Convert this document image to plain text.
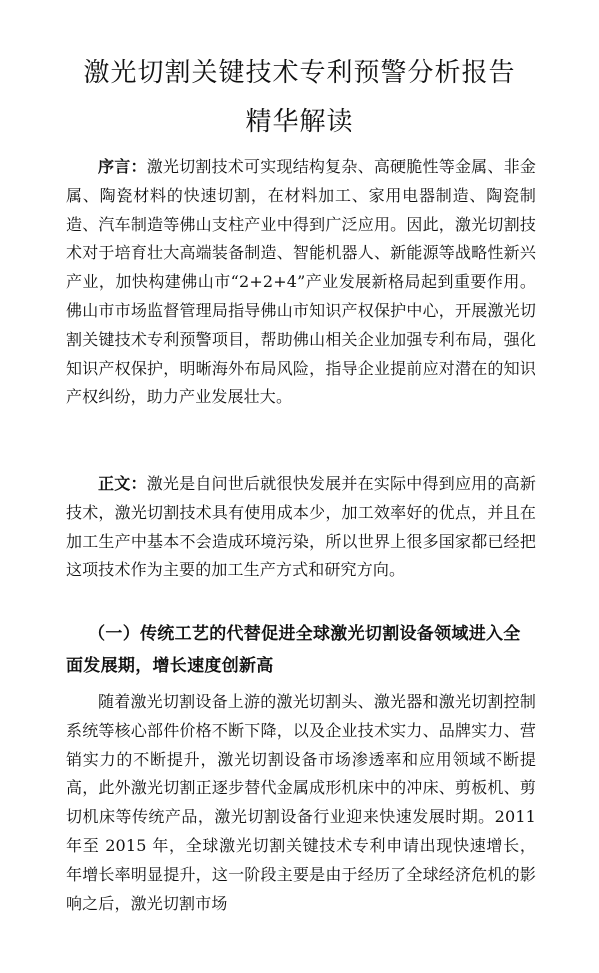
激光切割关键技术专利预警分析报告
精华解读

序言：激光切割技术可实现结构复杂、高硬脆性等金属、非金属、陶瓷材料的快速切割，在材料加工、家用电器制造、陶瓷制造、汽车制造等佛山支柱产业中得到广泛应用。因此，激光切割技术对于培育壮大高端装备制造、智能机器人、新能源等战略性新兴产业，加快构建佛山市“2+2+4”产业发展新格局起到重要作用。佛山市市场监督管理局指导佛山市知识产权保护中心，开展激光切割关键技术专利预警项目，帮助佛山相关企业加强专利布局，强化知识产权保护，明晰海外布局风险，指导企业提前应对潜在的知识产权纠纷，助力产业发展壮大。

正文：激光是自问世后就很快发展并在实际中得到应用的高新技术，激光切割技术具有使用成本少，加工效率好的优点，并且在加工生产中基本不会造成环境污染，所以世界上很多国家都已经把这项技术作为主要的加工生产方式和研究方向。

（一）传统工艺的代替促进全球激光切割设备领域进入全面发展期，增长速度创新高

随着激光切割设备上游的激光切割头、激光器和激光切割控制系统等核心部件价格不断下降，以及企业技术实力、品牌实力、营销实力的不断提升，激光切割设备市场渗透率和应用领域不断提高，此外激光切割正逐步替代金属成形机床中的冲床、剪板机、剪切机床等传统产品，激光切割设备行业迎来快速发展时期。2011 年至 2015 年，全球激光切割关键技术专利申请出现快速增长，年增长率明显提升，这一阶段主要是由于经历了全球经济危机的影响之后，激光切割市场
